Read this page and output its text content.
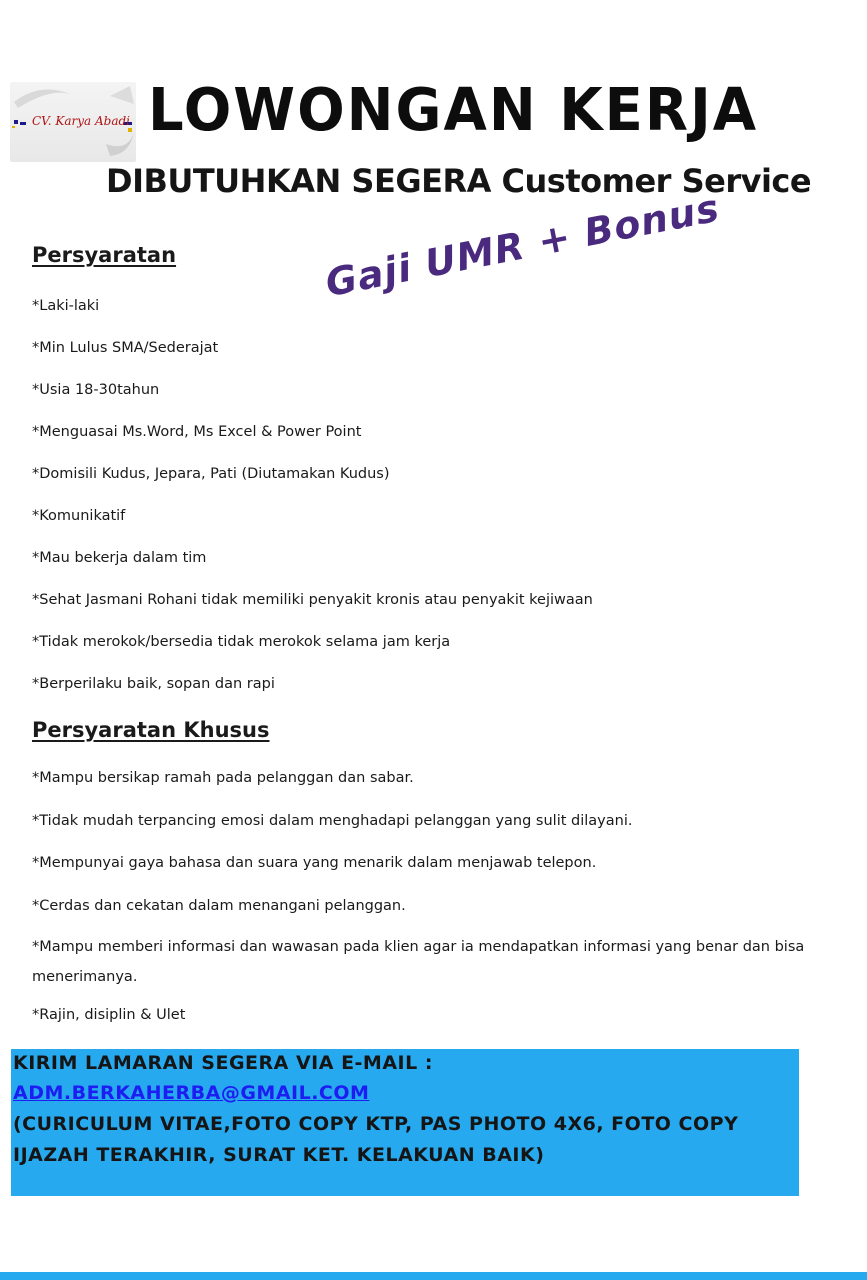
CV. Karya Abadi LOWONGAN KERJA
DIBUTUHKAN SEGERA Customer Service
Gaji UMR + Bonus
Persyaratan
*Laki-laki
*Min Lulus SMA/Sederajat
*Usia 18-30tahun
*Menguasai Ms.Word, Ms Excel & Power Point
*Domisili Kudus, Jepara, Pati (Diutamakan Kudus)
*Komunikatif
*Mau bekerja dalam tim
*Sehat Jasmani Rohani tidak memiliki penyakit kronis atau penyakit kejiwaan
*Tidak merokok/bersedia tidak merokok selama jam kerja
*Berperilaku baik, sopan dan rapi
Persyaratan Khusus
*Mampu bersikap ramah pada pelanggan dan sabar.
*Tidak mudah terpancing emosi dalam menghadapi pelanggan yang sulit dilayani.
*Mempunyai gaya bahasa dan suara yang menarik dalam menjawab telepon.
*Cerdas dan cekatan dalam menangani pelanggan.
*Mampu memberi informasi dan wawasan pada klien agar ia mendapatkan informasi yang benar dan bisa menerimanya.
*Rajin, disiplin & Ulet
KIRIM LAMARAN SEGERA VIA E-MAIL :
ADM.BERKAHERBA@GMAIL.COM
(CURICULUM VITAE,FOTO COPY KTP, PAS PHOTO 4X6, FOTO COPY
IJAZAH TERAKHIR, SURAT KET. KELAKUAN BAIK)
